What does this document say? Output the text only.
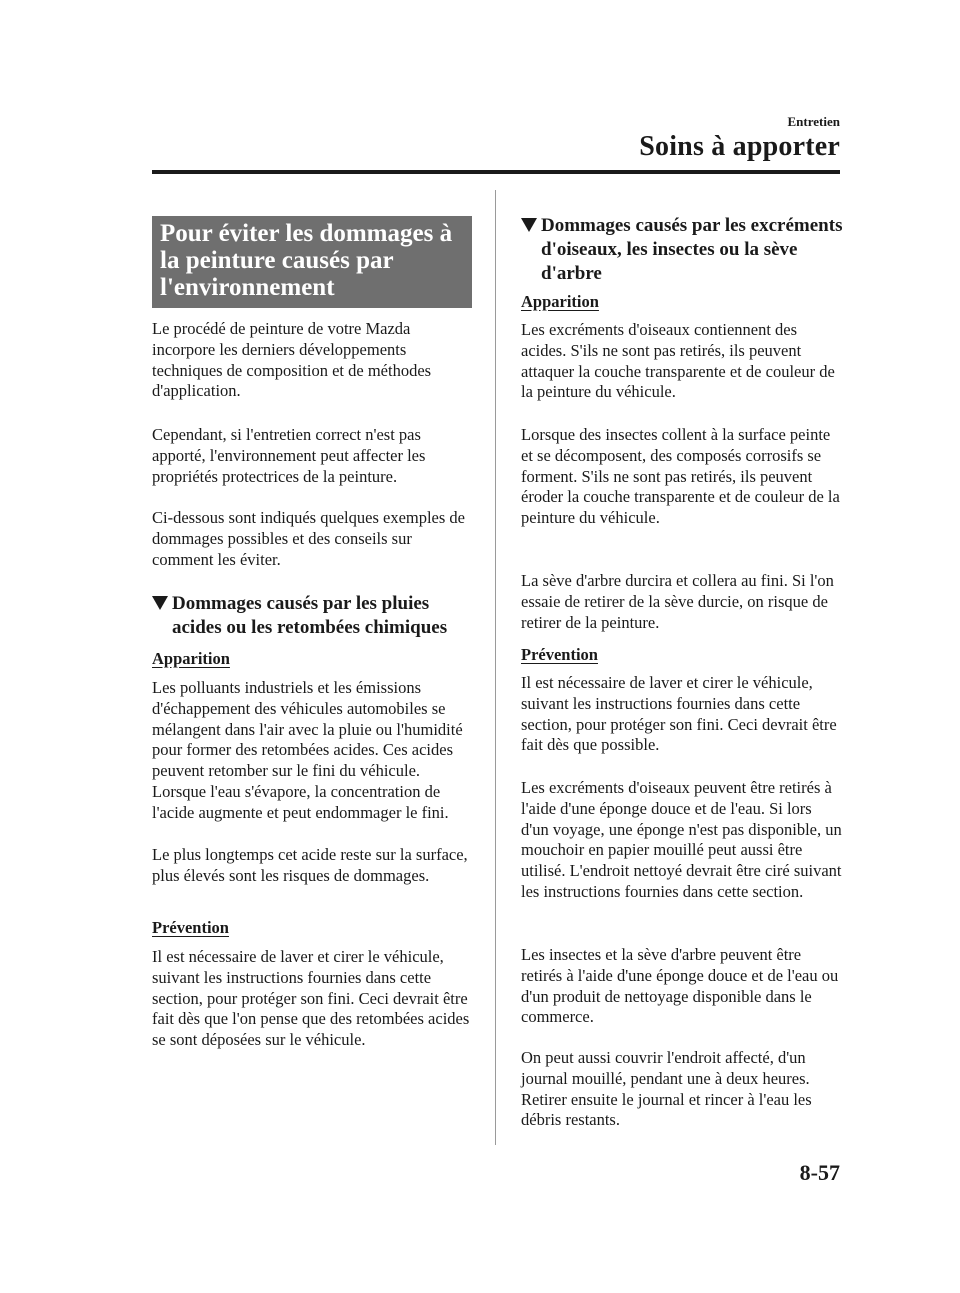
Entretien
Soins à apporter
Pour éviter les dommages à la peinture causés par l'environnement

Le procédé de peinture de votre Mazda incorpore les derniers développements techniques de composition et de méthodes d'application.

Cependant, si l'entretien correct n'est pas apporté, l'environnement peut affecter les propriétés protectrices de la peinture.

Ci-dessous sont indiqués quelques exemples de dommages possibles et des conseils sur comment les éviter.

Dommages causés par les pluies acides ou les retombées chimiques
Apparition

Les polluants industriels et les émissions d'échappement des véhicules automobiles se mélangent dans l'air avec la pluie ou l'humidité pour former des retombées acides. Ces acides peuvent retomber sur le fini du véhicule. Lorsque l'eau s'évapore, la concentration de l'acide augmente et peut endommager le fini.

Le plus longtemps cet acide reste sur la surface, plus élevés sont les risques de dommages.

Prévention

Il est nécessaire de laver et cirer le véhicule, suivant les instructions fournies dans cette section, pour protéger son fini. Ceci devrait être fait dès que l'on pense que des retombées acides se sont déposées sur le véhicule.

Dommages causés par les excréments d'oiseaux, les insectes ou la sève d'arbre
Apparition

Les excréments d'oiseaux contiennent des acides. S'ils ne sont pas retirés, ils peuvent attaquer la couche transparente et de couleur de la peinture du véhicule.

Lorsque des insectes collent à la surface peinte et se décomposent, des composés corrosifs se forment. S'ils ne sont pas retirés, ils peuvent éroder la couche transparente et de couleur de la peinture du véhicule.

La sève d'arbre durcira et collera au fini. Si l'on essaie de retirer de la sève durcie, on risque de retirer de la peinture.

Prévention

Il est nécessaire de laver et cirer le véhicule, suivant les instructions fournies dans cette section, pour protéger son fini. Ceci devrait être fait dès que possible.

Les excréments d'oiseaux peuvent être retirés à l'aide d'une éponge douce et de l'eau. Si lors d'un voyage, une éponge n'est pas disponible, un mouchoir en papier mouillé peut aussi être utilisé. L'endroit nettoyé devrait être ciré suivant les instructions fournies dans cette section.

Les insectes et la sève d'arbre peuvent être retirés à l'aide d'une éponge douce et de l'eau ou d'un produit de nettoyage disponible dans le commerce.

On peut aussi couvrir l'endroit affecté, d'un journal mouillé, pendant une à deux heures. Retirer ensuite le journal et rincer à l'eau les débris restants.

8-57
